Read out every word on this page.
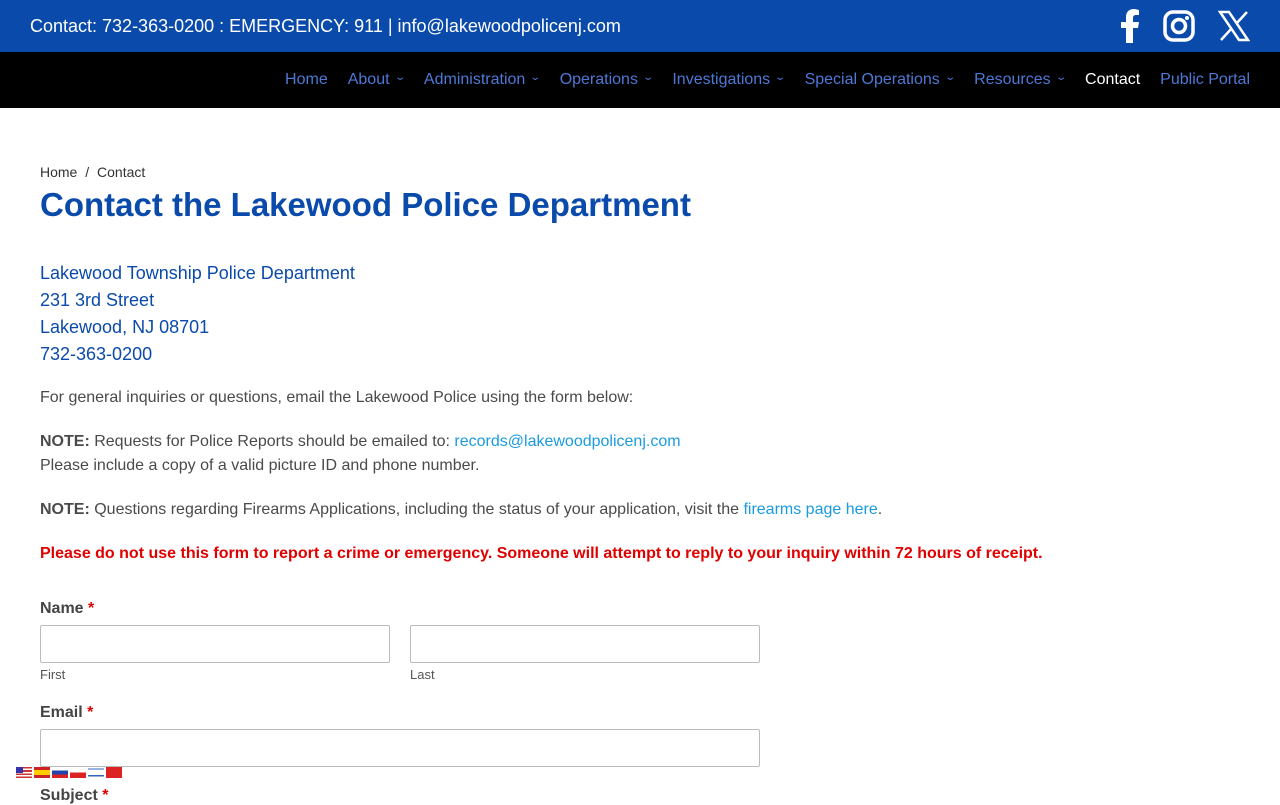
Contact: 732-363-0200 : EMERGENCY: 911 | info@lakewoodpolicenj.com
Home About ⌄ Administration ⌄ Operations ⌄ Investigations ⌄ Special Operations ⌄ Resources ⌄ Contact Public Portal
Home / Contact
Contact the Lakewood Police Department
Lakewood Township Police Department
231 3rd Street
Lakewood, NJ 08701
732-363-0200

For general inquiries or questions, email the Lakewood Police using the form below:

NOTE: Requests for Police Reports should be emailed to: records@lakewoodpolicenj.com
Please include a copy of a valid picture ID and phone number.

NOTE: Questions regarding Firearms Applications, including the status of your application, visit the firearms page here.

Please do not use this form to report a crime or emergency. Someone will attempt to reply to your inquiry within 72 hours of receipt.

Name *
First	Last
Email *
Subject *
